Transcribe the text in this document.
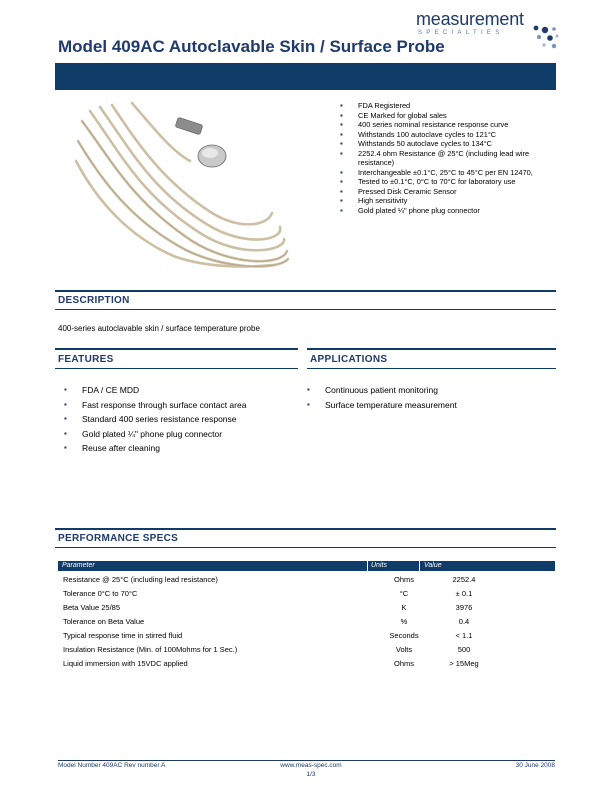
measurement
SPECIALTIES
Model 409AC Autoclavable Skin / Surface Probe
▪ FDA Registered
▪ CE Marked for global sales
▪ 400 series nominal resistance response curve
▪ Withstands 100 autoclave cycles to 121°C
▪ Withstands 50 autoclave cycles to 134°C
▪ 2252.4 ohm Resistance @ 25°C (including lead wire resistance)
▪ Interchangeable ±0.1°C, 25°C to 45°C per EN 12470,
▪ Tested to ±0.1°C, 0°C to 70°C for laboratory use
▪ Pressed Disk Ceramic Sensor
▪ High sensitivity
▪ Gold plated ¼" phone plug connector
DESCRIPTION
400-series autoclavable skin / surface temperature probe
FEATURES
▪ FDA / CE MDD
▪ Fast response through surface contact area
▪ Standard 400 series resistance response
▪ Gold plated ¼" phone plug connector
▪ Reuse after cleaning
APPLICATIONS
▪ Continuous patient monitoring
▪ Surface temperature measurement
PERFORMANCE SPECS
Parameter	Units	Value
Resistance @ 25°C (including lead resistance)	Ohms	2252.4
Tolerance 0°C to 70°C	°C	± 0.1
Beta Value 25/85	K	3976
Tolerance on Beta Value	%	0.4
Typical response time in stirred fluid	Seconds	< 1.1
Insulation Resistance (Min. of 100Mohms for 1 Sec.)	Volts	500
Liquid immersion with 15VDC applied	Ohms	> 15Meg
Model Number 409AC Rev number A	www.meas-spec.com
1/3
30 June 2008
